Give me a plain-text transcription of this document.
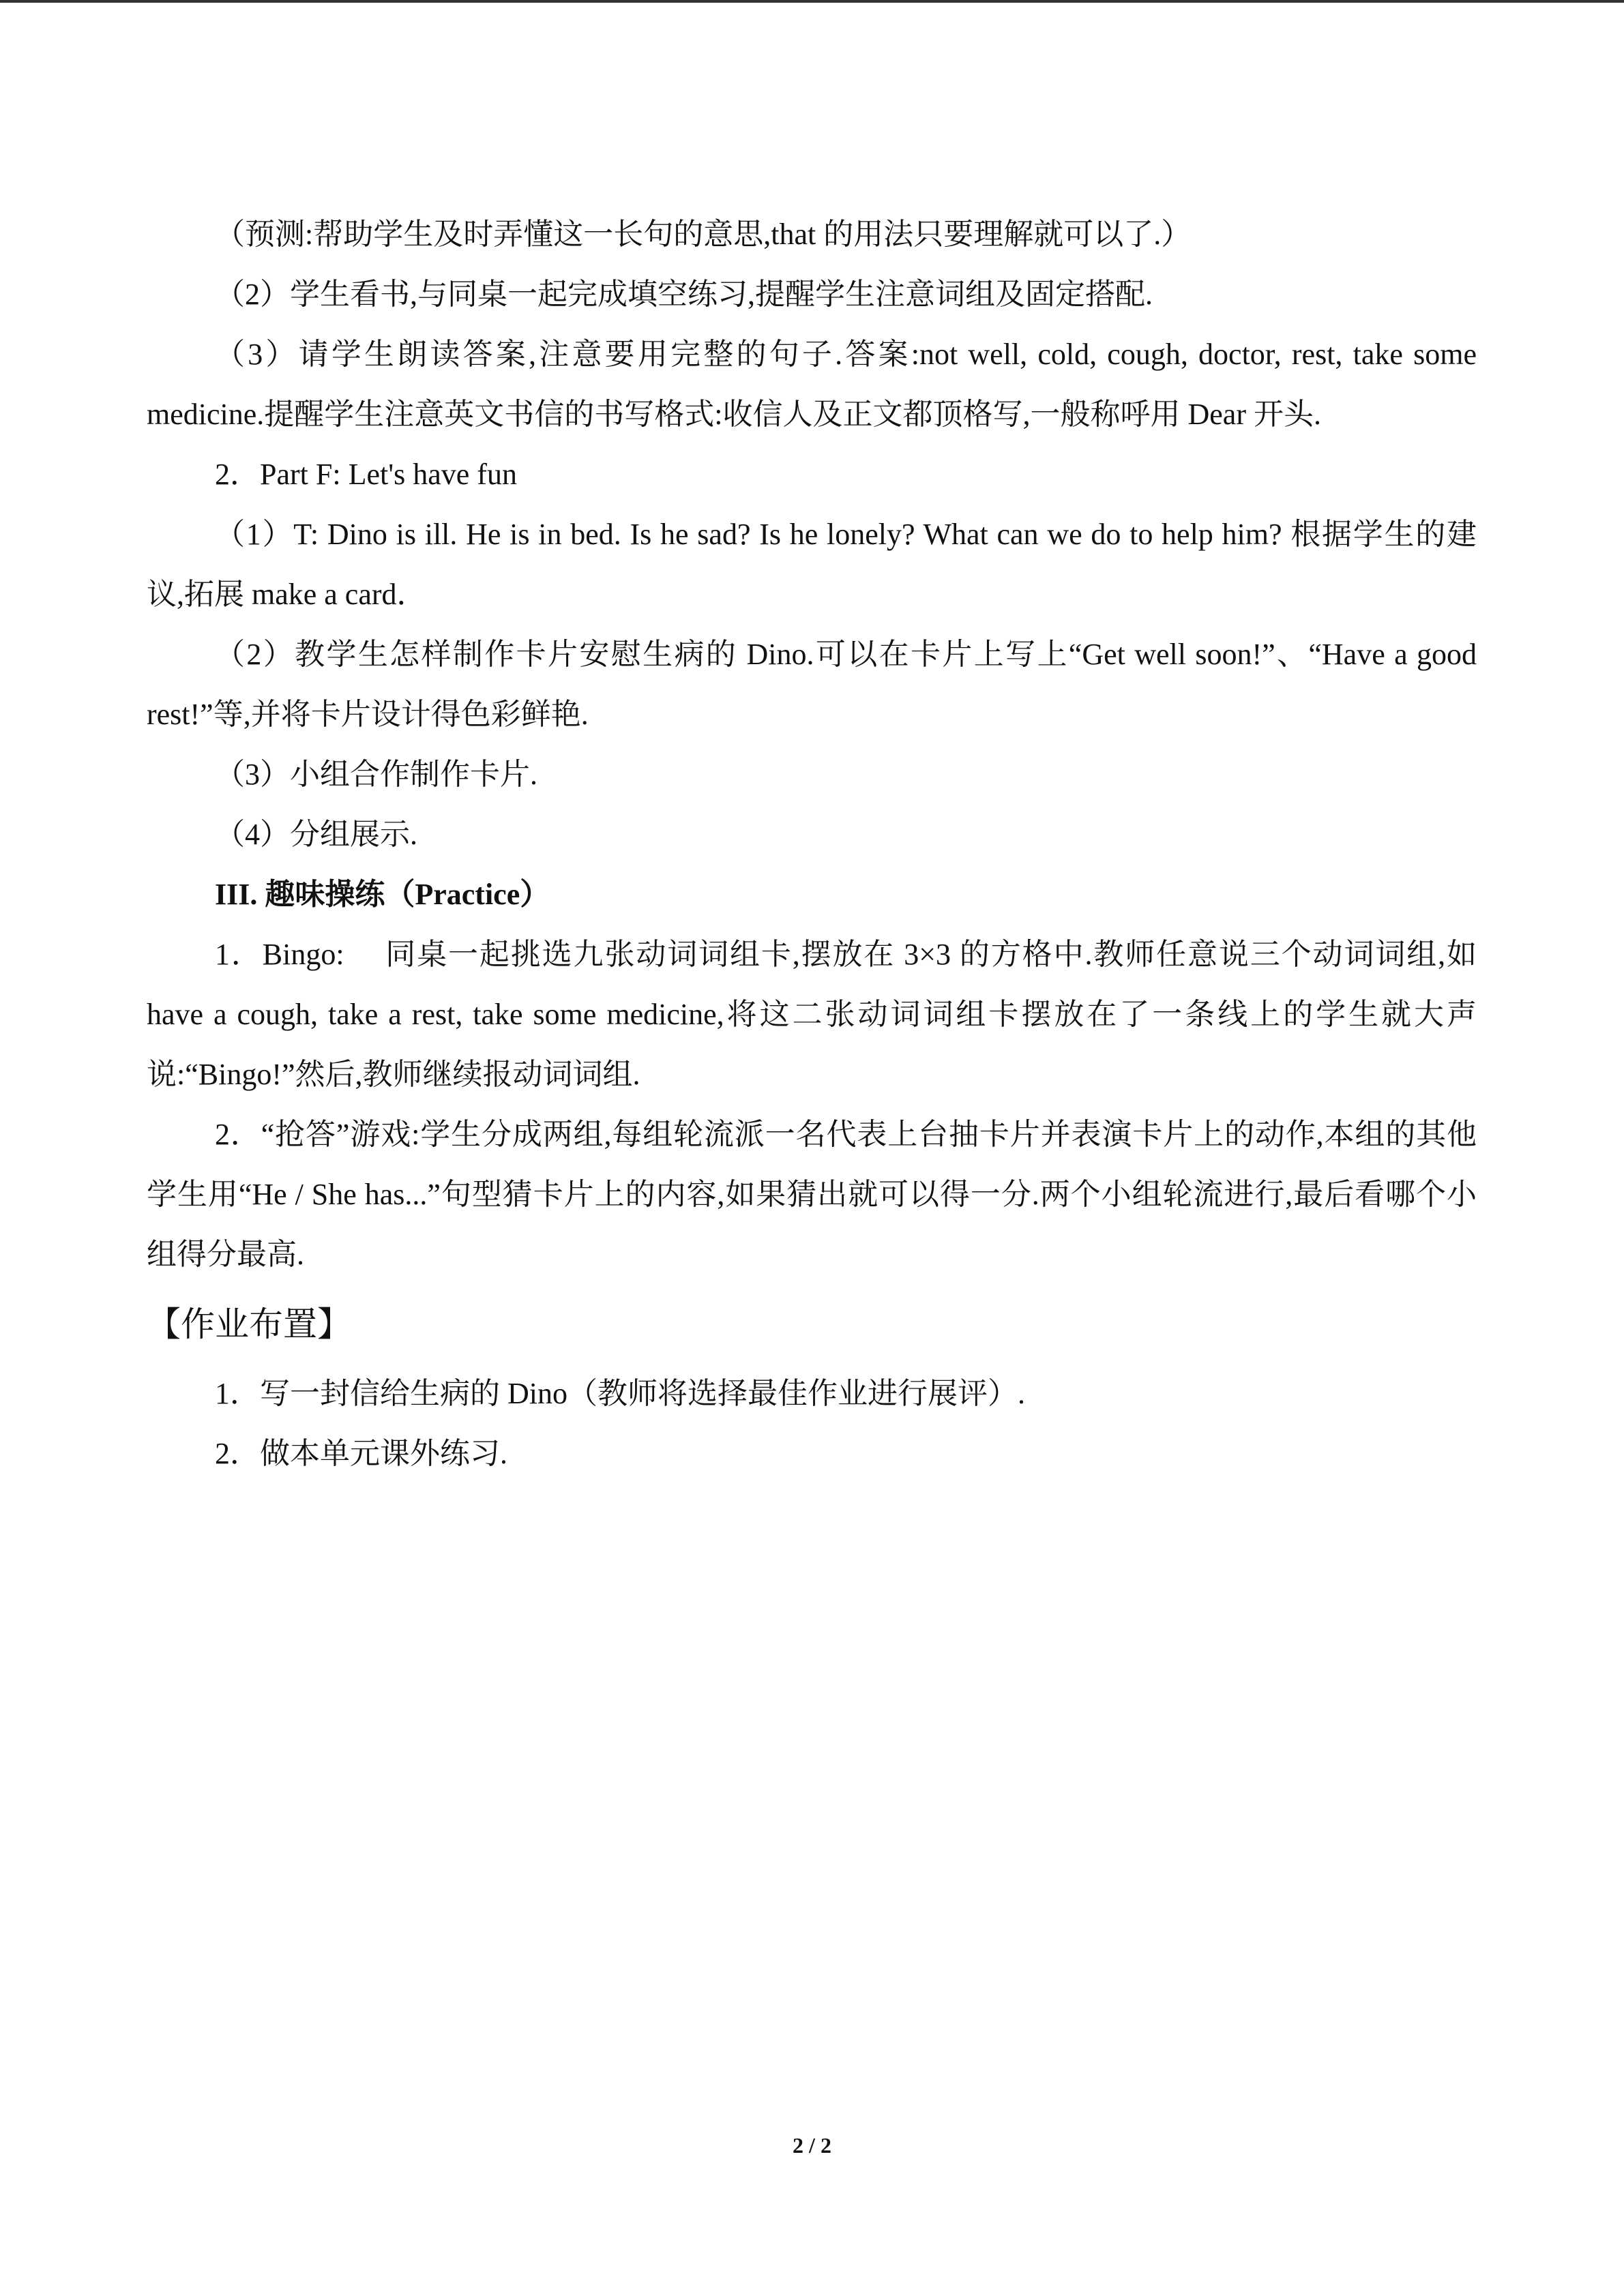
（预测:帮助学生及时弄懂这一长句的意思,that 的用法只要理解就可以了.）

（2）学生看书,与同桌一起完成填空练习,提醒学生注意词组及固定搭配.

（3）请学生朗读答案,注意要用完整的句子.答案:not well, cold, cough, doctor, rest, take some medicine.提醒学生注意英文书信的书写格式:收信人及正文都顶格写,一般称呼用 Dear 开头.

2．Part F: Let's have fun

（1）T: Dino is ill. He is in bed. Is he sad? Is he lonely? What can we do to help him? 根据学生的建议,拓展 make a card．

（2）教学生怎样制作卡片安慰生病的 Dino.可以在卡片上写上“Get well soon!”、“Have a good rest!”等,并将卡片设计得色彩鲜艳.

（3）小组合作制作卡片.

（4）分组展示.

III. 趣味操练（Practice）

1．Bingo:　 同桌一起挑选九张动词词组卡,摆放在 3×3 的方格中.教师任意说三个动词词组,如 have a cough, take a rest, take some medicine,将这二张动词词组卡摆放在了一条线上的学生就大声说:“Bingo!”然后,教师继续报动词词组.

2．“抢答”游戏:学生分成两组,每组轮流派一名代表上台抽卡片并表演卡片上的动作,本组的其他学生用“He / She has...”句型猜卡片上的内容,如果猜出就可以得一分.两个小组轮流进行,最后看哪个小组得分最高.

【作业布置】

1．写一封信给生病的 Dino（教师将选择最佳作业进行展评）.

2．做本单元课外练习.

2 / 2
